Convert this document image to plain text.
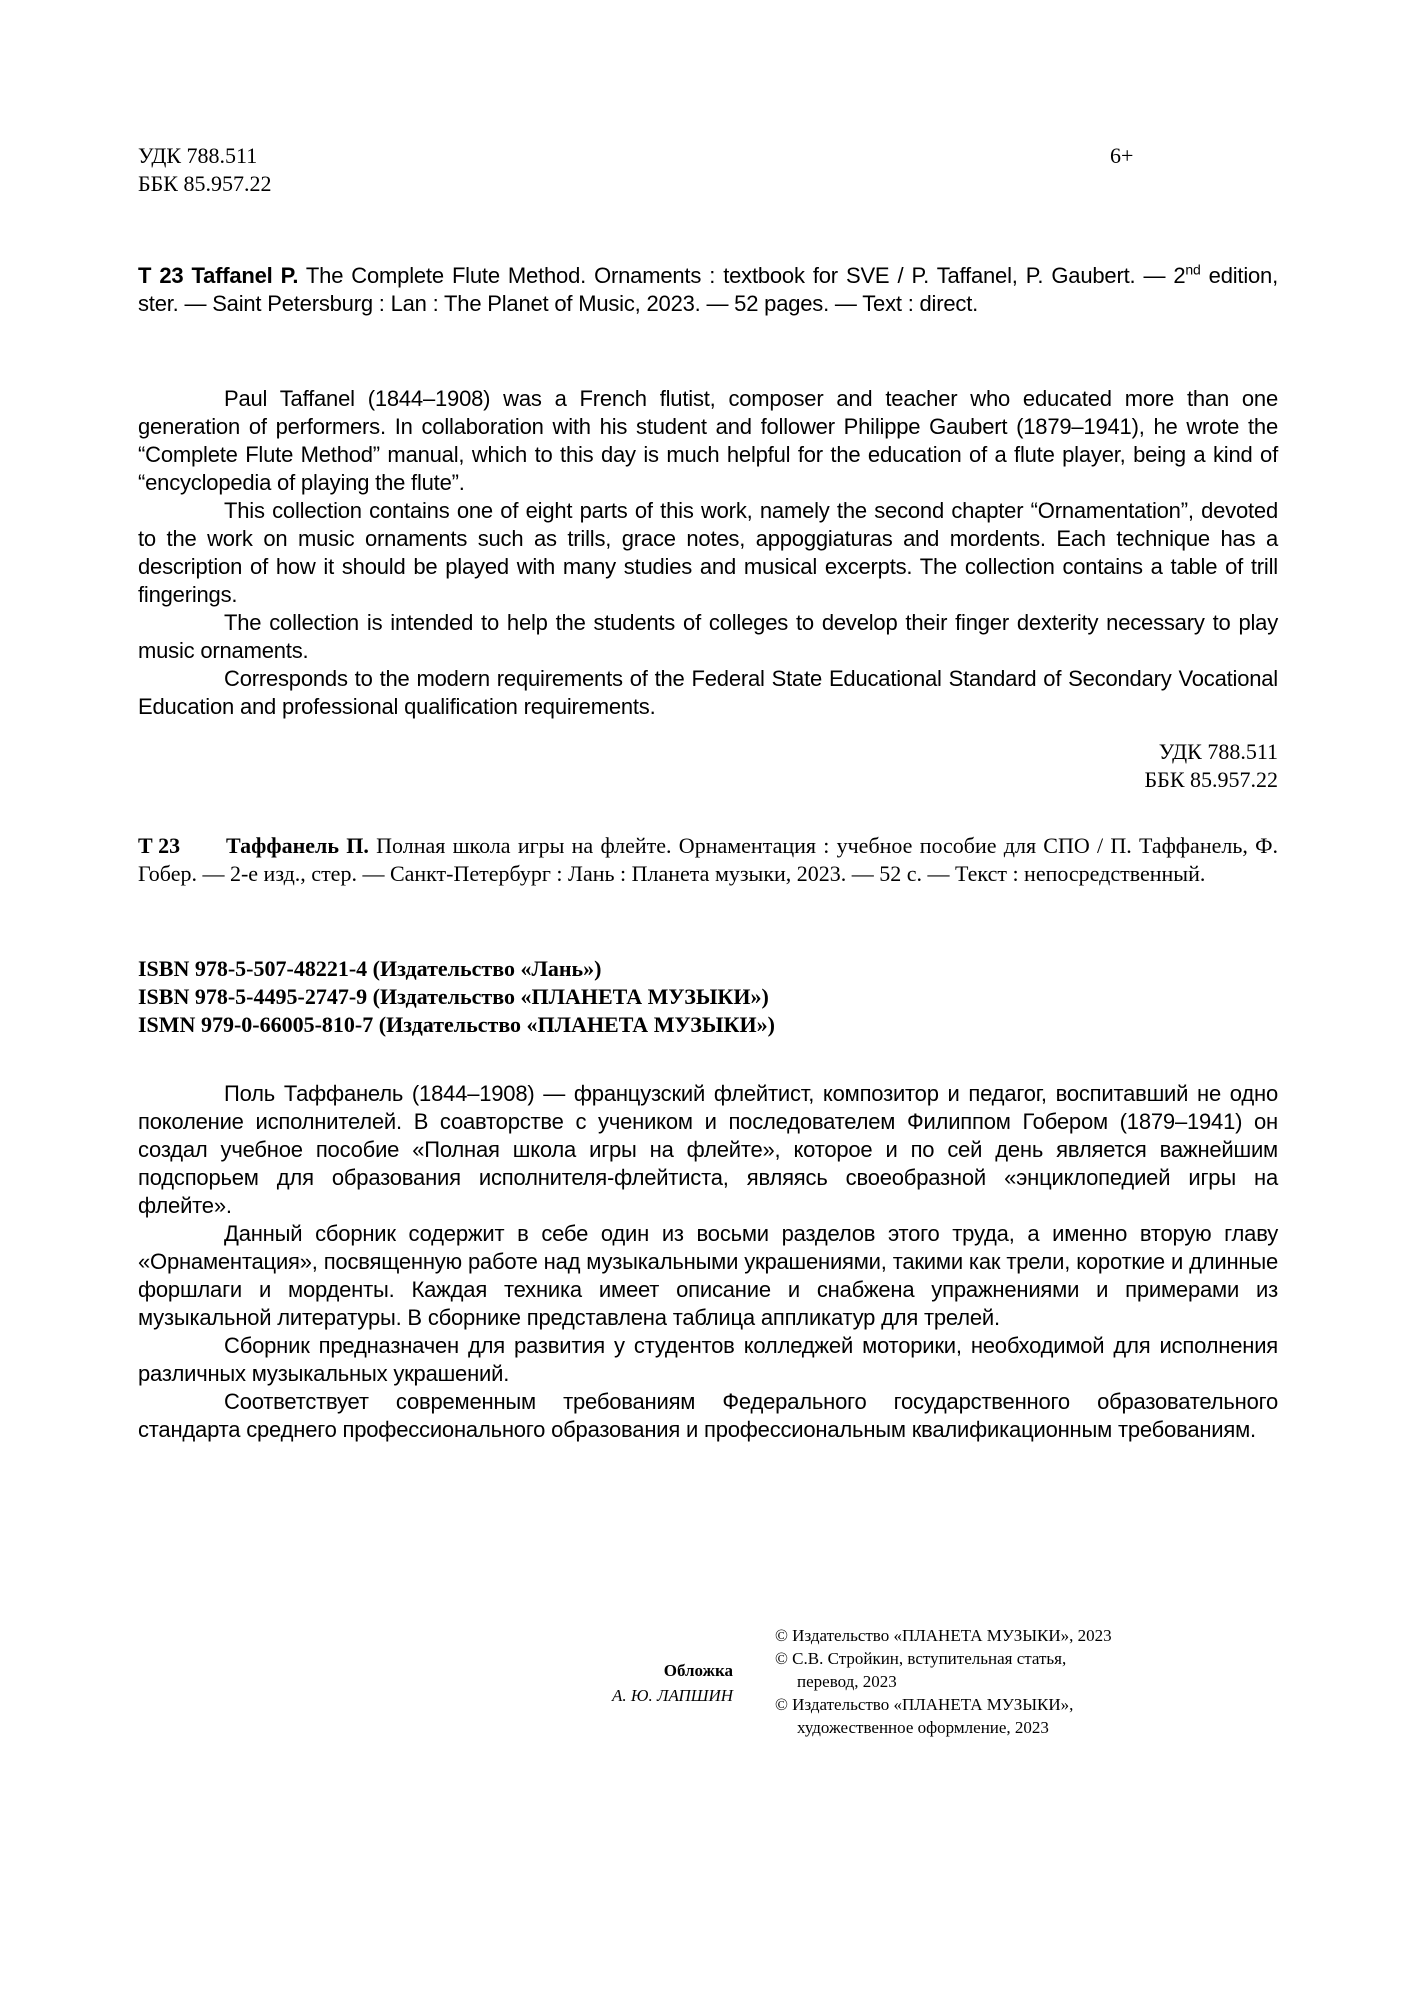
УДК 788.511
ББК 85.957.22
6+
T 23 Taffanel P. The Complete Flute Method. Ornaments : textbook for SVE / P. Taffanel, P. Gaubert. — 2nd edition, ster. — Saint Petersburg : Lan : The Planet of Music, 2023. — 52 pages. — Text : direct.

Paul Taffanel (1844–1908) was a French flutist, composer and teacher who educated more than one generation of performers. In collaboration with his student and follower Philippe Gaubert (1879–1941), he wrote the “Complete Flute Method” manual, which to this day is much helpful for the education of a flute player, being a kind of “encyclopedia of playing the flute”.

This collection contains one of eight parts of this work, namely the second chapter “Ornamentation”, devoted to the work on music ornaments such as trills, grace notes, appoggiaturas and mordents. Each technique has a description of how it should be played with many studies and musical excerpts. The collection contains a table of trill fingerings.

The collection is intended to help the students of colleges to develop their finger dexterity necessary to play music ornaments.

Corresponds to the modern requirements of the Federal State Educational Standard of Secondary Vocational Education and professional qualification requirements.

УДК 788.511
ББК 85.957.22
Т 23 Таффанель П. Полная школа игры на флейте. Орнаментация : учебное пособие для СПО / П. Таффанель, Ф. Гобер. — 2-е изд., стер. — Санкт-Петербург : Лань : Планета музыки, 2023. — 52 с. — Текст : непосредственный.
ISBN 978-5-507-48221-4 (Издательство «Лань»)
ISBN 978-5-4495-2747-9 (Издательство «ПЛАНЕТА МУЗЫКИ»)
ISMN 979-0-66005-810-7 (Издательство «ПЛАНЕТА МУЗЫКИ»)

Поль Таффанель (1844–1908) — французский флейтист, композитор и педагог, воспитавший не одно поколение исполнителей. В соавторстве с учеником и последователем Филиппом Гобером (1879–1941) он создал учебное пособие «Полная школа игры на флейте», которое и по сей день является важнейшим подспорьем для образования исполнителя-флейтиста, являясь своеобразной «энциклопедией игры на флейте».

Данный сборник содержит в себе один из восьми разделов этого труда, а именно вторую главу «Орнаментация», посвященную работе над музыкальными украшениями, такими как трели, короткие и длинные форшлаги и морденты. Каждая техника имеет описание и снабжена упражнениями и примерами из музыкальной литературы. В сборнике представлена таблица аппликатур для трелей.

Сборник предназначен для развития у студентов колледжей моторики, необходимой для исполнения различных музыкальных украшений.

Соответствует современным требованиям Федерального государственного образовательного стандарта среднего профессионального образования и профессиональным квалификационным требованиям.

Обложка
А. Ю. ЛАПШИН
© Издательство «ПЛАНЕТА МУЗЫКИ», 2023
© С.В. Стройкин, вступительная статья,
перевод, 2023
© Издательство «ПЛАНЕТА МУЗЫКИ»,
художественное оформление, 2023
